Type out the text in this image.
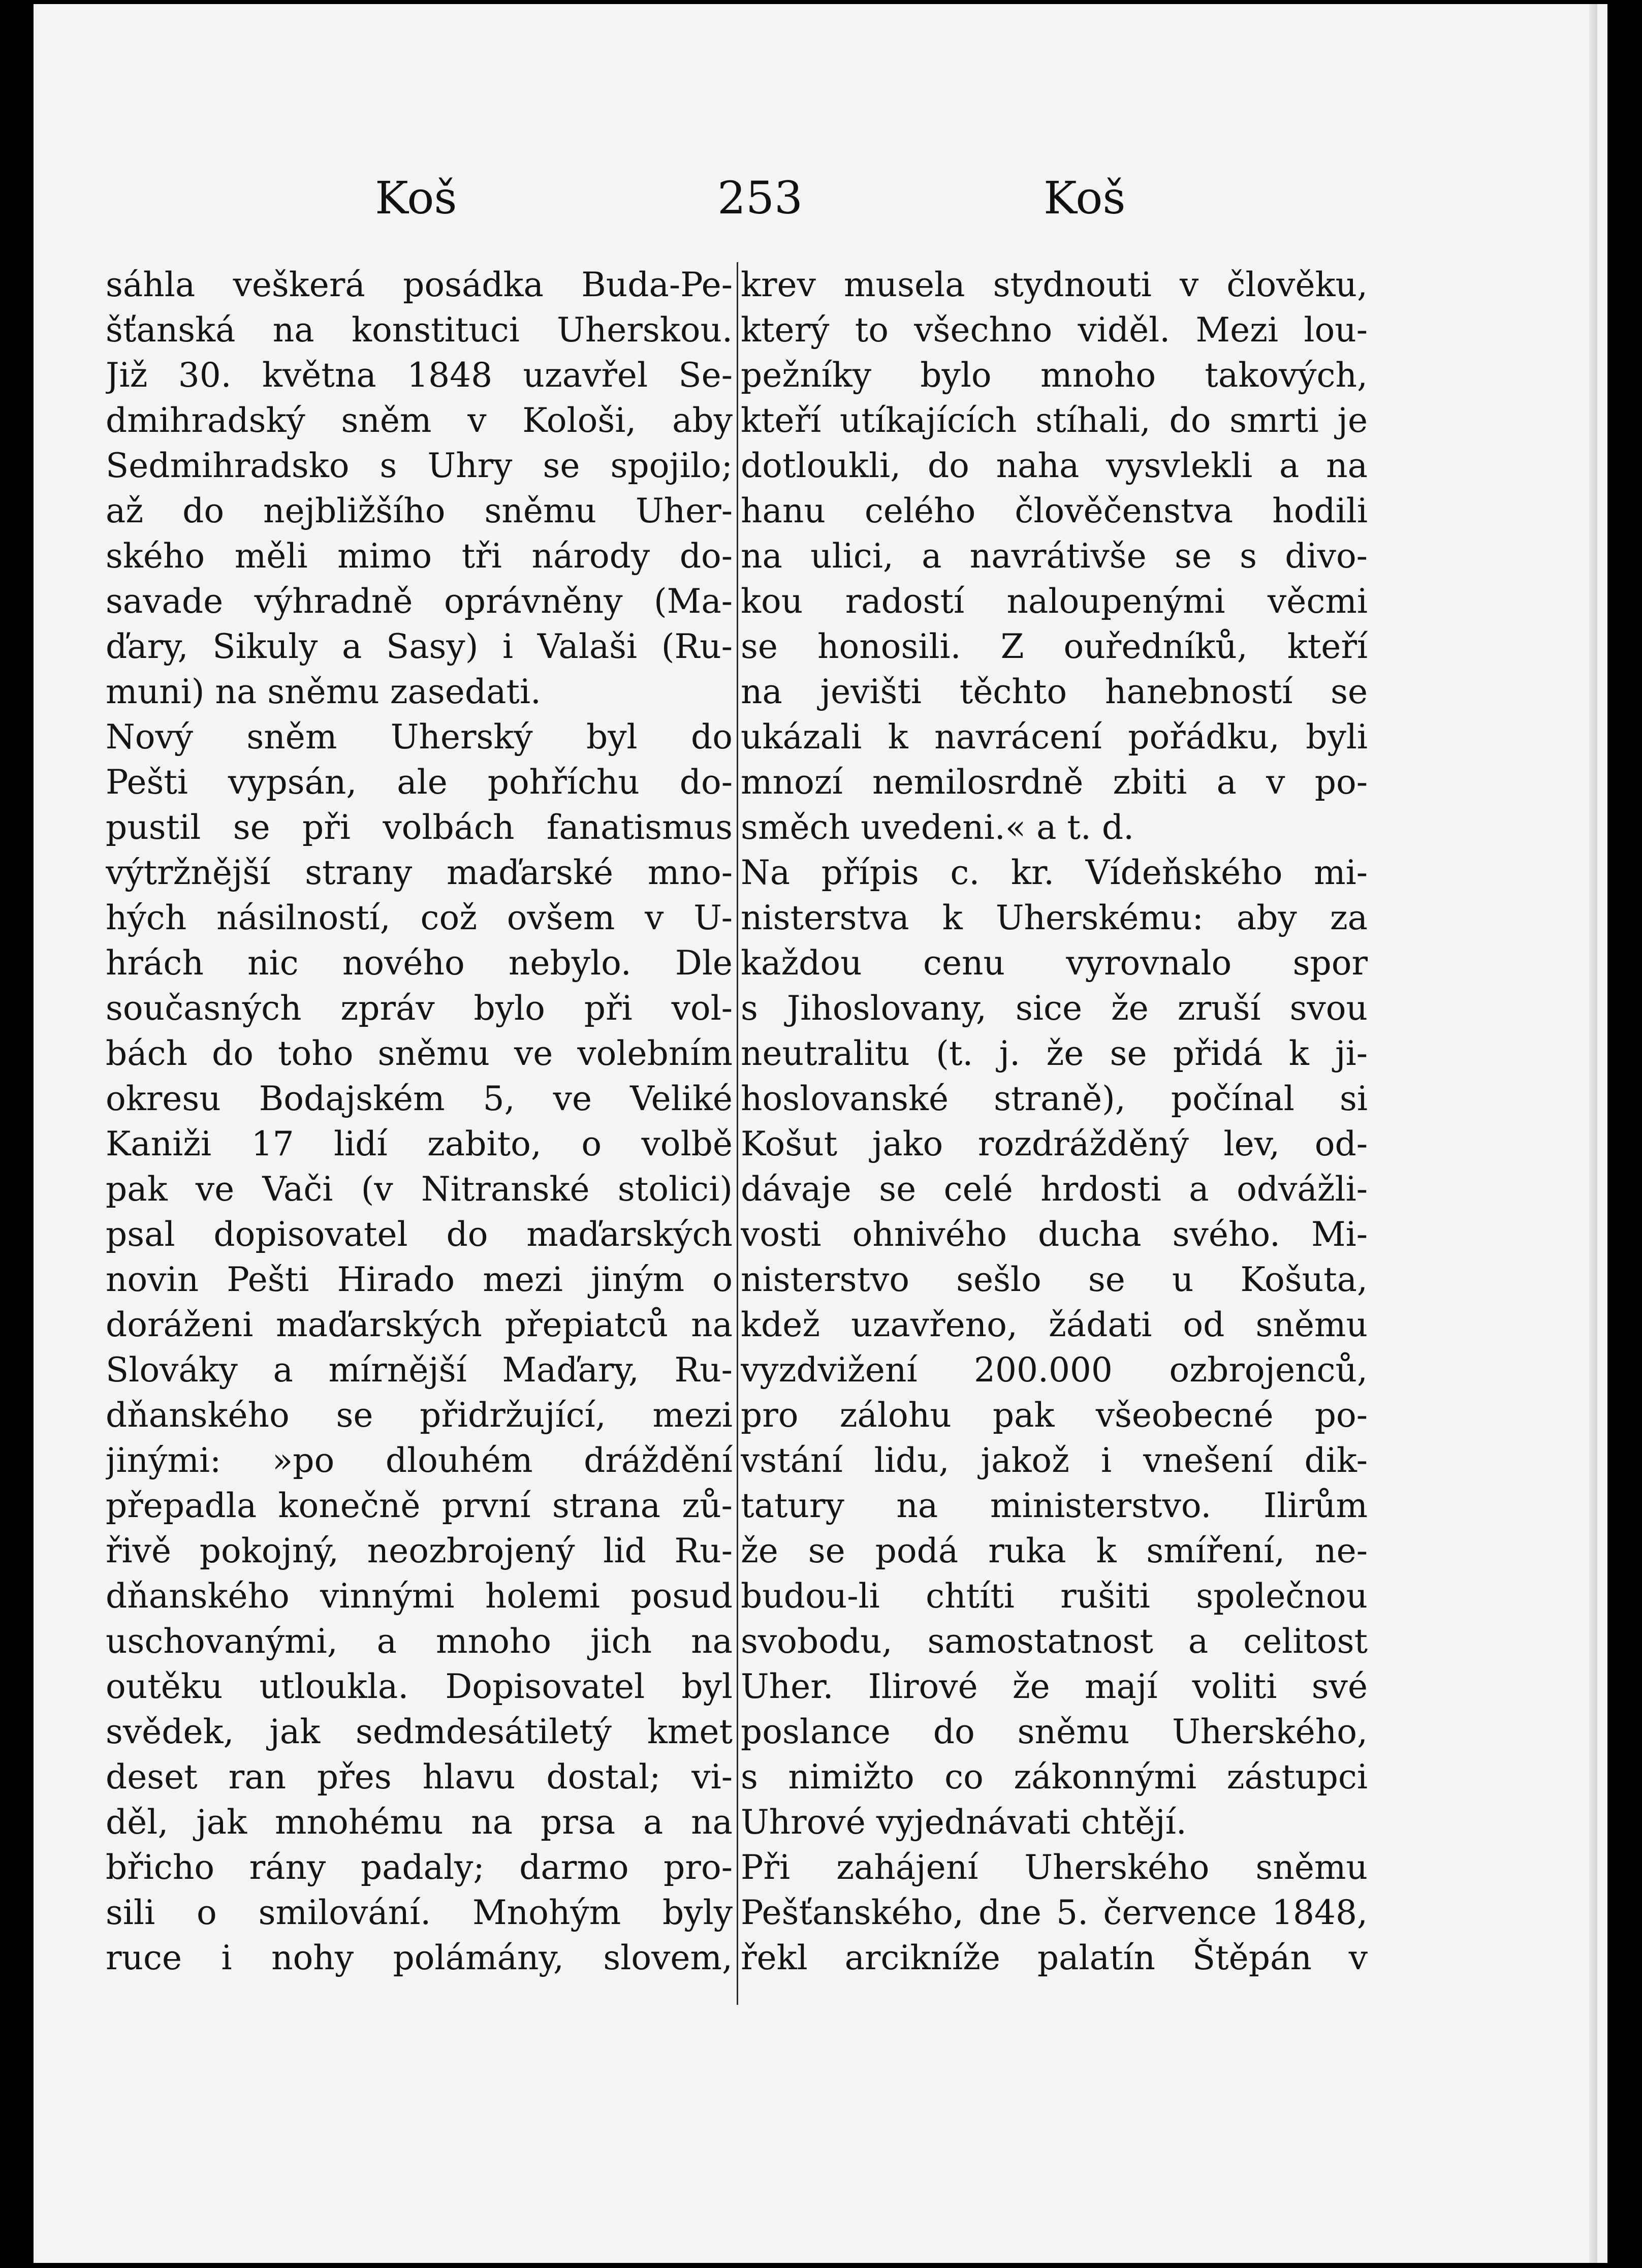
Koš	253	Koš
sáhla veškerá posádka Buda-Pe-
šťanská na konstituci Uherskou.
Již 30. května 1848 uzavřel Se-
dmihradský sněm v Kološi, aby
Sedmihradsko s Uhry se spojilo;
až do nejbližšího sněmu Uher-
ského měli mimo tři národy do-
savade výhradně oprávněny (Ma-
ďary, Sikuly a Sasy) i Valaši (Ru-
muni) na sněmu zasedati.
Nový sněm Uherský byl do
Pešti vypsán, ale pohříchu do-
pustil se při volbách fanatismus
výtržnější strany maďarské mno-
hých násilností, což ovšem v U-
hrách nic nového nebylo. Dle
současných zpráv bylo při vol-
bách do toho sněmu ve volebním
okresu Bodajském 5, ve Veliké
Kaniži 17 lidí zabito, o volbě
pak ve Vači (v Nitranské stolici)
psal dopisovatel do maďarských
novin Pešti Hirado mezi jiným o
doráženi maďarských přepiatců na
Slováky a mírnější Maďary, Ru-
dňanského se přidržující, mezi
jinými: »po dlouhém dráždění
přepadla konečně první strana zů-
řivě pokojný, neozbrojený lid Ru-
dňanského vinnými holemi posud
uschovanými, a mnoho jich na
outěku utloukla. Dopisovatel byl
svědek, jak sedmdesátiletý kmet
deset ran přes hlavu dostal; vi-
děl, jak mnohému na prsa a na
břicho rány padaly; darmo pro-
sili o smilování. Mnohým byly
ruce i nohy polámány, slovem,
krev musela stydnouti v člověku,
který to všechno viděl. Mezi lou-
pežníky bylo mnoho takových,
kteří utíkajících stíhali, do smrti je
dotloukli, do naha vysvlekli a na
hanu celého člověčenstva hodili
na ulici, a navrátivše se s divo-
kou radostí naloupenými věcmi
se honosili. Z ouředníků, kteří
na jevišti těchto hanebností se
ukázali k navrácení pořádku, byli
mnozí nemilosrdně zbiti a v po-
směch uvedeni.« a t. d.
Na přípis c. kr. Vídeňského mi-
nisterstva k Uherskému: aby za
každou cenu vyrovnalo spor
s Jihoslovany, sice že zruší svou
neutralitu (t. j. že se přidá k ji-
hoslovanské straně), počínal si
Košut jako rozdrážděný lev, od-
dávaje se celé hrdosti a odvážli-
vosti ohnivého ducha svého. Mi-
nisterstvo sešlo se u Košuta,
kdež uzavřeno, žádati od sněmu
vyzdvižení 200.000 ozbrojenců,
pro zálohu pak všeobecné po-
vstání lidu, jakož i vnešení dik-
tatury na ministerstvo. Ilirům
že se podá ruka k smíření, ne-
budou-li chtíti rušiti společnou
svobodu, samostatnost a celitost
Uher. Ilirové že mají voliti své
poslance do sněmu Uherského,
s nimižto co zákonnými zástupci
Uhrové vyjednávati chtějí.
Při zahájení Uherského sněmu
Pešťanského, dne 5. července 1848,
řekl arcikníže palatín Štěpán v
